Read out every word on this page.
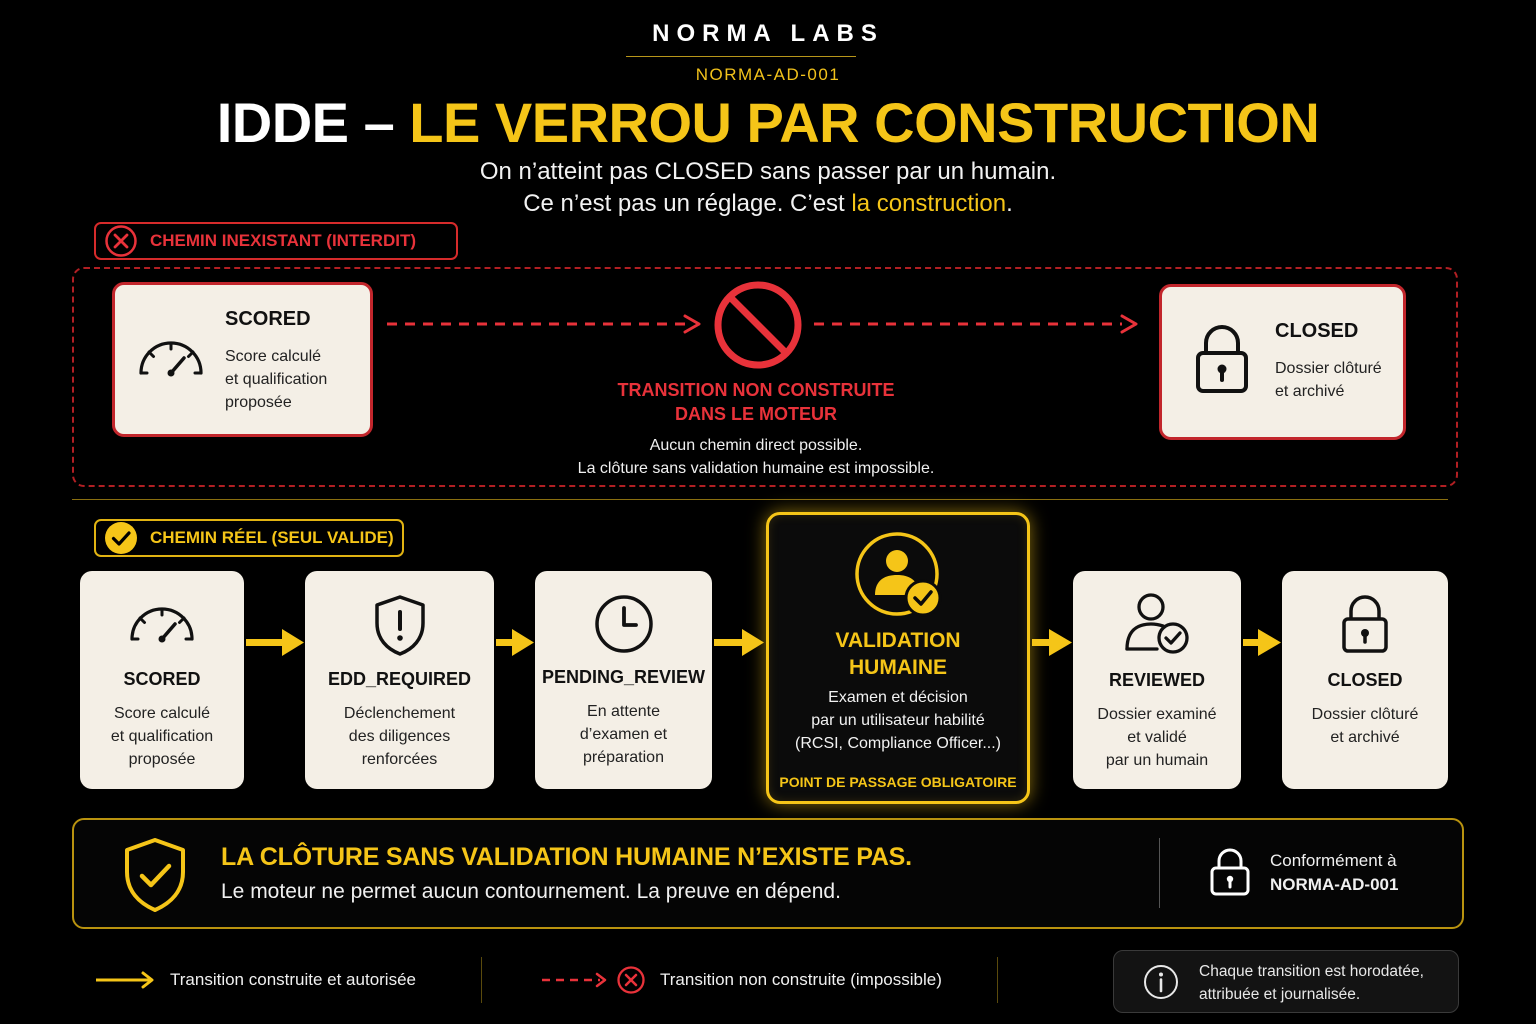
NORMA LABS
NORMA-AD-001
IDDE – LE VERROU PAR CONSTRUCTION
On n’atteint pas CLOSED sans passer par un humain.
Ce n’est pas un réglage. C’est la construction.
CHEMIN INEXISTANT (INTERDIT)
SCORED
Score calculé
et qualification
proposée
TRANSITION NON CONSTRUITE
DANS LE MOTEUR
Aucun chemin direct possible.
La clôture sans validation humaine est impossible.
CLOSED
Dossier clôturé
et archivé
CHEMIN RÉEL (SEUL VALIDE)
SCORED
Score calculé
et qualification
proposée
EDD_REQUIRED
Déclenchement
des diligences
renforcées
PENDING_REVIEW
En attente
d’examen et
préparation
VALIDATION
HUMAINE
Examen et décision
par un utilisateur habilité
(RCSI, Compliance Officer...)
POINT DE PASSAGE OBLIGATOIRE
REVIEWED
Dossier examiné
et validé
par un humain
CLOSED
Dossier clôturé
et archivé
LA CLÔTURE SANS VALIDATION HUMAINE N’EXISTE PAS.
Le moteur ne permet aucun contournement. La preuve en dépend.
Conformément à
NORMA-AD-001
Transition construite et autorisée	Transition non construite (impossible)	Chaque transition est horodatée,
attribuée et journalisée.
